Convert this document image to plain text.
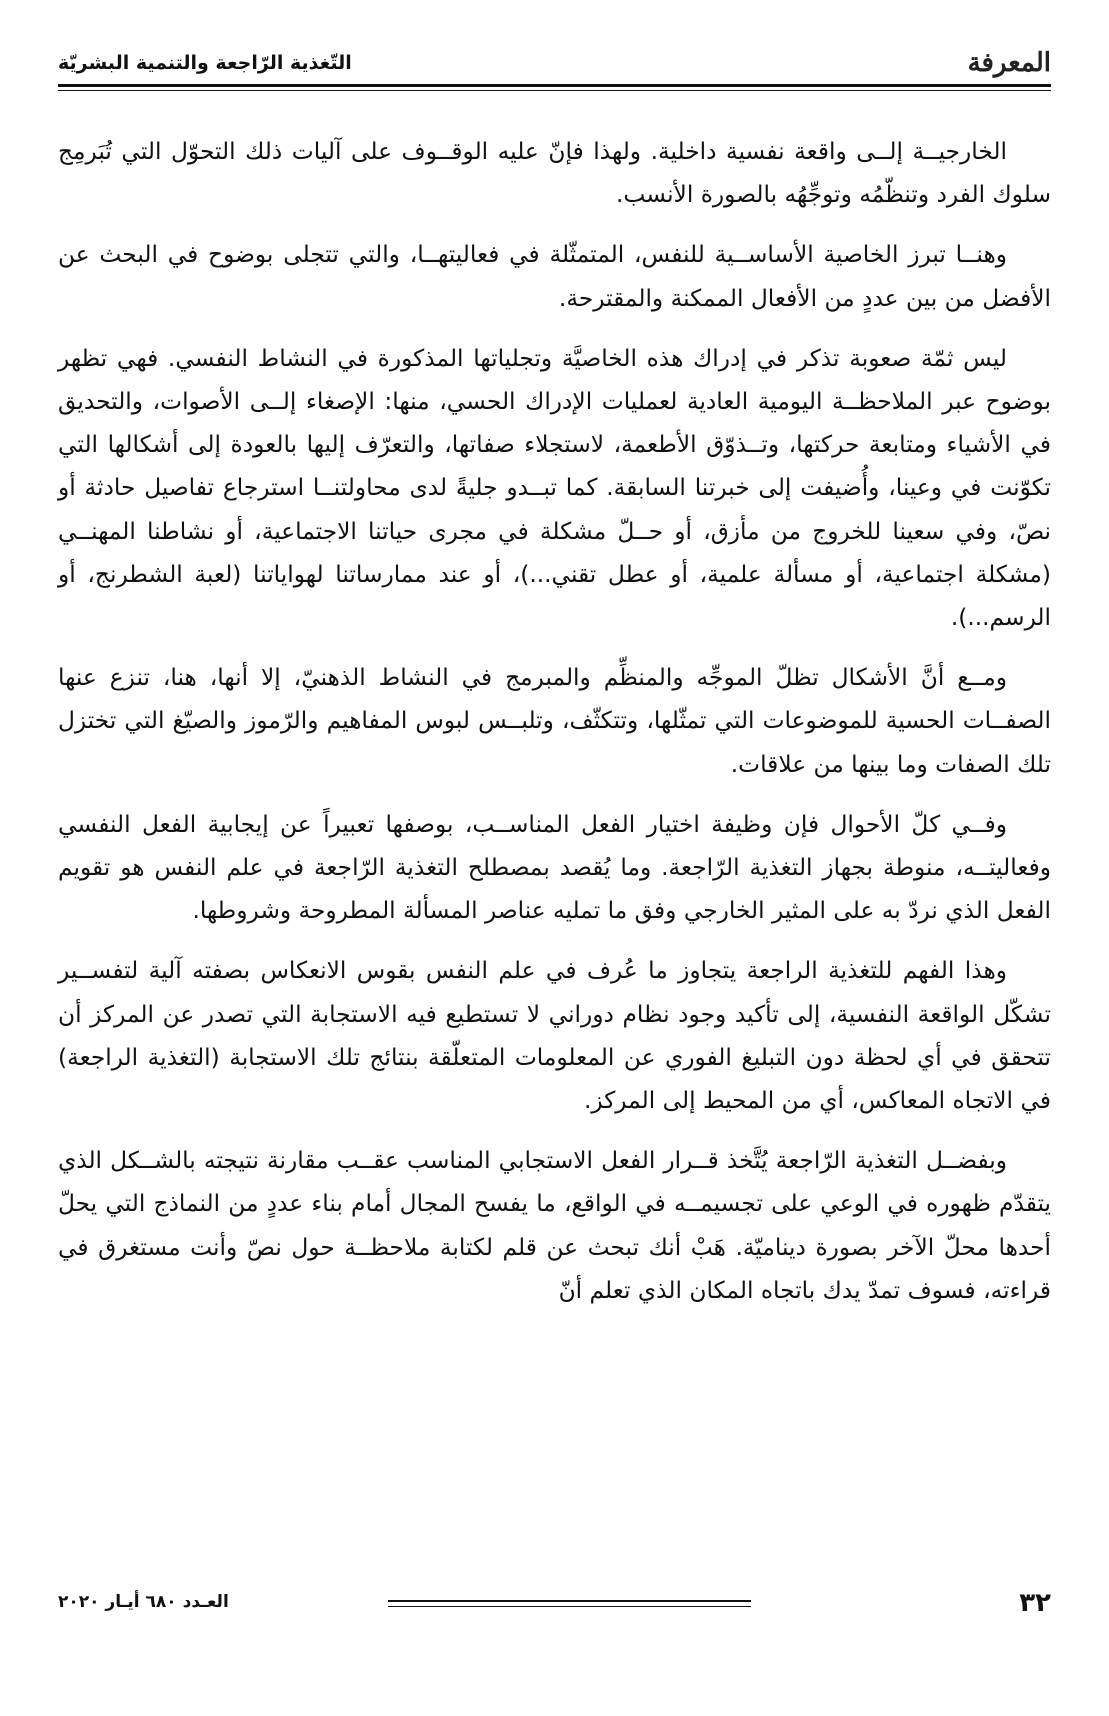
المعرفة
التّغذية الرّاجعة والتنمية البشريّة

الخارجيــة إلــى واقعة نفسية داخلية. ولهذا فإنّ عليه الوقــوف على آليات ذلك التحوّل التي تُبَرمِج سلوك الفرد وتنظّمُه وتوجِّهُه بالصورة الأنسب.

وهنــا تبرز الخاصية الأساســية للنفس، المتمثّلة في فعاليتهــا، والتي تتجلى بوضوح في البحث عن الأفضل من بين عددٍ من الأفعال الممكنة والمقترحة.

ليس ثمّة صعوبة تذكر في إدراك هذه الخاصيَّة وتجلياتها المذكورة في النشاط النفسي. فهي تظهر بوضوح عبر الملاحظــة اليومية العادية لعمليات الإدراك الحسي، منها: الإصغاء إلــى الأصوات، والتحديق في الأشياء ومتابعة حركتها، وتــذوّق الأطعمة، لاستجلاء صفاتها، والتعرّف إليها بالعودة إلى أشكالها التي تكوّنت في وعينا، وأُضيفت إلى خبرتنا السابقة. كما تبــدو جليةً لدى محاولتنــا استرجاع تفاصيل حادثة أو نصّ، وفي سعينا للخروج من مأزق، أو حــلّ مشكلة في مجرى حياتنا الاجتماعية، أو نشاطنا المهنــي (مشكلة اجتماعية، أو مسألة علمية، أو عطل تقني...)، أو عند ممارساتنا لهواياتنا (لعبة الشطرنج، أو الرسم...).

ومــع أنَّ الأشكال تظلّ الموجِّه والمنظِّم والمبرمج في النشاط الذهنيّ، إلا أنها، هنا، تنزع عنها الصفــات الحسية للموضوعات التي تمثّلها، وتتكثّف، وتلبــس لبوس المفاهيم والرّموز والصيّغ التي تختزل تلك الصفات وما بينها من علاقات.

وفــي كلّ الأحوال فإن وظيفة اختيار الفعل المناســب، بوصفها تعبيراً عن إيجابية الفعل النفسي وفعاليتــه، منوطة بجهاز التغذية الرّاجعة. وما يُقصد بمصطلح التغذية الرّاجعة في علم النفس هو تقويم الفعل الذي نردّ به على المثير الخارجي وفق ما تمليه عناصر المسألة المطروحة وشروطها.

وهذا الفهم للتغذية الراجعة يتجاوز ما عُرف في علم النفس بقوس الانعكاس بصفته آلية لتفســير تشكّل الواقعة النفسية، إلى تأكيد وجود نظام دوراني لا تستطيع فيه الاستجابة التي تصدر عن المركز أن تتحقق في أي لحظة دون التبليغ الفوري عن المعلومات المتعلّقة بنتائج تلك الاستجابة (التغذية الراجعة) في الاتجاه المعاكس، أي من المحيط إلى المركز.

وبفضــل التغذية الرّاجعة يُتَّخذ قــرار الفعل الاستجابي المناسب عقــب مقارنة نتيجته بالشــكل الذي يتقدّم ظهوره في الوعي على تجسيمــه في الواقع، ما يفسح المجال أمام بناء عددٍ من النماذج التي يحلّ أحدها محلّ الآخر بصورة ديناميّة. هَبْ أنك تبحث عن قلم لكتابة ملاحظــة حول نصّ وأنت مستغرق في قراءته، فسوف تمدّ يدك باتجاه المكان الذي تعلم أنّ

٣٢
العـدد ٦٨٠ أيـار ٢٠٢٠
